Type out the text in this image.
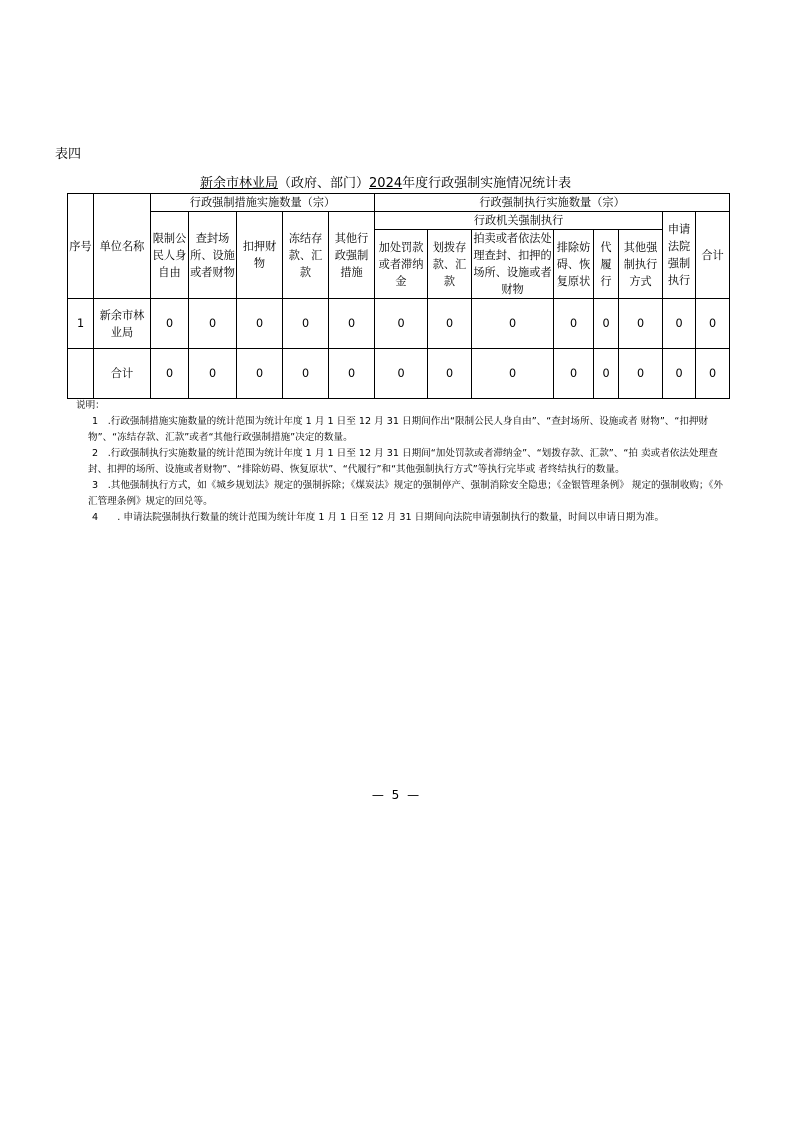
表四
新余市林业局（政府、部门）2024年度行政强制实施情况统计表
序号	单位名称	行政强制措施实施数量（宗）					行政强制执行实施数量（宗）							
		限制公民人身自由	查封场所、设施或者财物	扣押财物	冻结存款、汇款	其他行政强制措施	行政机关强制执行						申请法院强制执行	合计
							加处罚款或者滞纳金	划拨存款、汇款	拍卖或者依法处理查封、扣押的场所、设施或者财物	排除妨碍、恢复原状	代履行	其他强制执行方式		
1	新余市林业局	0	0	0	0	0	0	0	0	0	0	0	0	0
	合计	0	0	0	0	0	0	0	0	0	0	0	0	0
说明：
1　.行政强制措施实施数量的统计范围为统计年度 1 月 1 日至 12 月 31 日期间作出“限制公民人身自由”、“查封场所、设施或者 财物”、“扣押财物”、“冻结存款、汇款”或者“其他行政强制措施”决定的数量。
2　.行政强制执行实施数量的统计范围为统计年度 1 月 1 日至 12 月 31 日期间“加处罚款或者滞纳金”、“划拨存款、汇款”、“拍 卖或者依法处理查封、扣押的场所、设施或者财物”、“排除妨碍、恢复原状”、“代履行”和“其他强制执行方式”等执行完毕或 者终结执行的数量。
3　.其他强制执行方式，如《城乡规划法》规定的强制拆除；《煤炭法》规定的强制停产、强制消除安全隐患；《金银管理条例》 规定的强制收购；《外汇管理条例》规定的回兑等。
4　　. 申请法院强制执行数量的统计范围为统计年度 1 月 1 日至 12 月 31 日期间向法院申请强制执行的数量，时间以申请日期为准。
— 5 —
